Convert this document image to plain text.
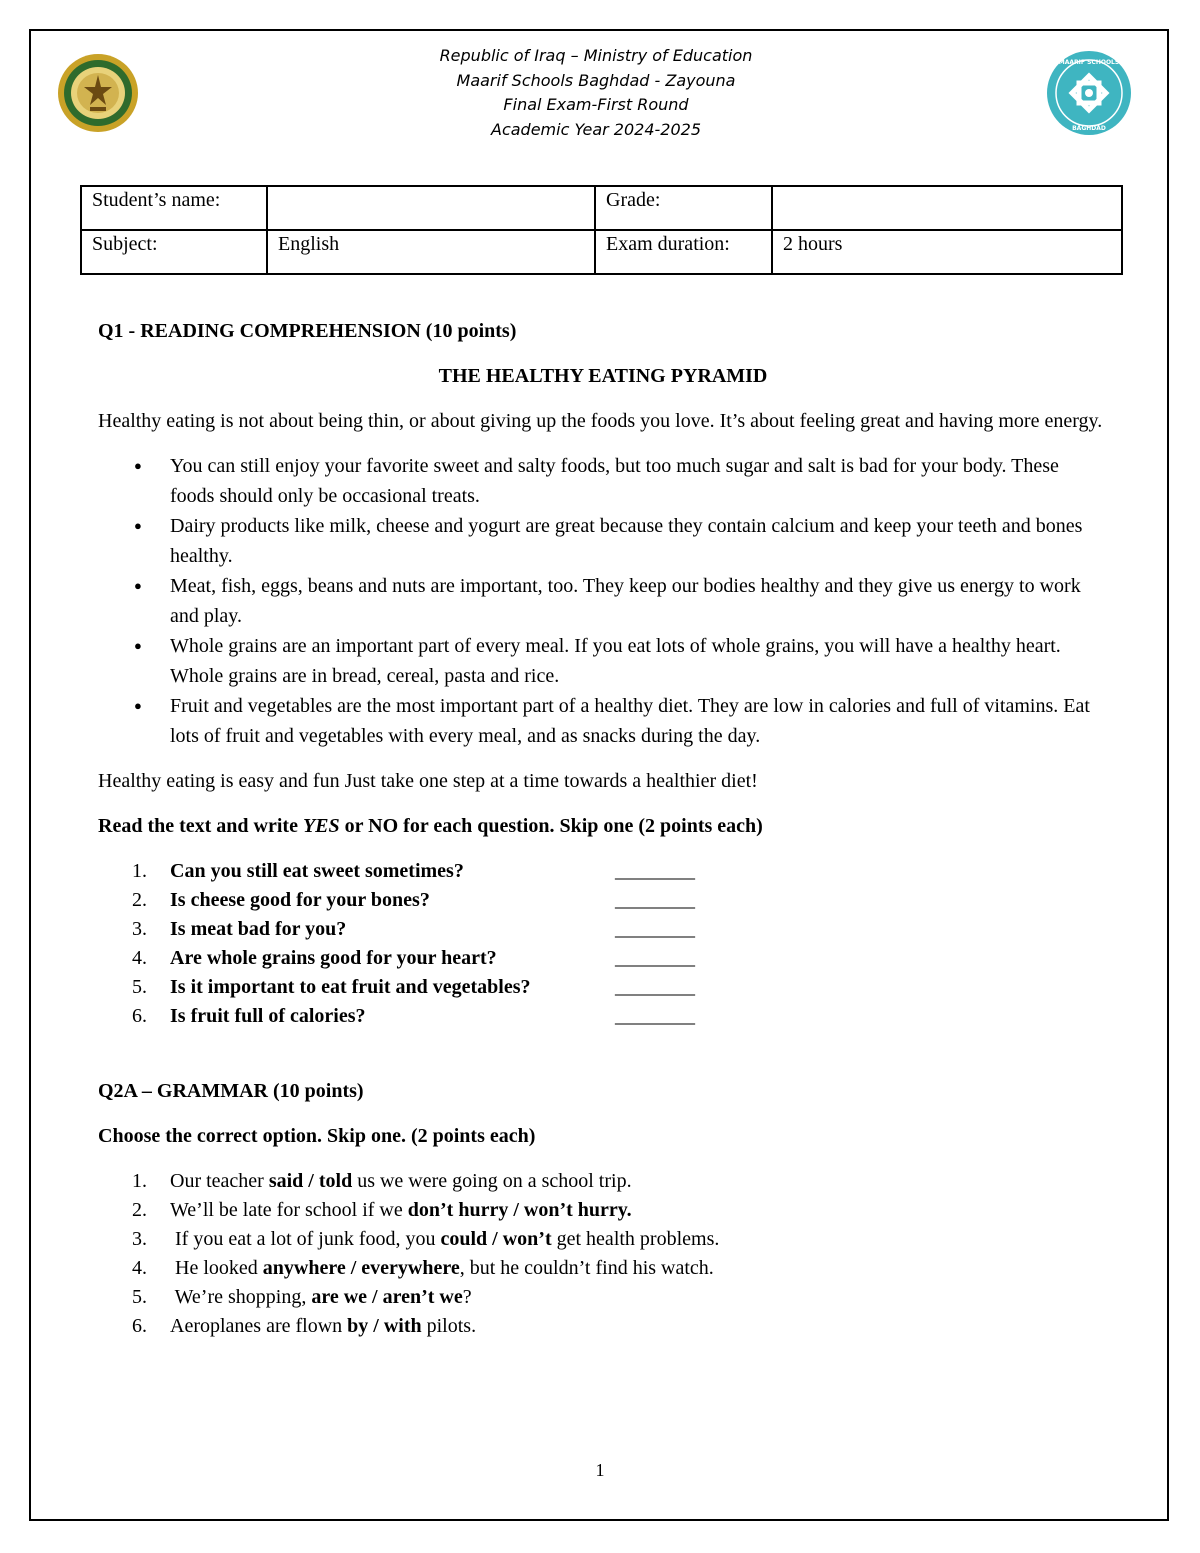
MAARIF SCHOOLS
BAGHDAD
Republic of Iraq – Ministry of Education
Maarif Schools Baghdad - Zayouna
Final Exam-First Round
Academic Year 2024-2025
Student’s name:		Grade:	
Subject:	English	Exam duration:	2 hours
Q1 - READING COMPREHENSION (10 points)

THE HEALTHY EATING PYRAMID

Healthy eating is not about being thin, or about giving up the foods you love. It’s about feeling great and having more energy.

● You can still enjoy your favorite sweet and salty foods, but too much sugar and salt is bad for your body. These foods should only be occasional treats.
● Dairy products like milk, cheese and yogurt are great because they contain calcium and keep your teeth and bones healthy.
● Meat, fish, eggs, beans and nuts are important, too. They keep our bodies healthy and they give us energy to work and play.
● Whole grains are an important part of every meal. If you eat lots of whole grains, you will have a healthy heart. Whole grains are in bread, cereal, pasta and rice.
● Fruit and vegetables are the most important part of a healthy diet. They are low in calories and full of vitamins. Eat lots of fruit and vegetables with every meal, and as snacks during the day.

Healthy eating is easy and fun Just take one step at a time towards a healthier diet!

Read the text and write YES or NO for each question. Skip one (2 points each)

1. Can you still eat sweet sometimes?	________
2. Is cheese good for your bones?	________
3. Is meat bad for you?	________
4. Are whole grains good for your heart?	________
5. Is it important to eat fruit and vegetables?	________
6. Is fruit full of calories?	________
Q2A – GRAMMAR (10 points)

Choose the correct option. Skip one. (2 points each)

1. Our teacher said / told us we were going on a school trip.
2. We’ll be late for school if we don’t hurry / won’t hurry.
3. If you eat a lot of junk food, you could / won’t get health problems.
4. He looked anywhere / everywhere, but he couldn’t find his watch.
5. We’re shopping, are we / aren’t we?
6. Aeroplanes are flown by / with pilots.
1
